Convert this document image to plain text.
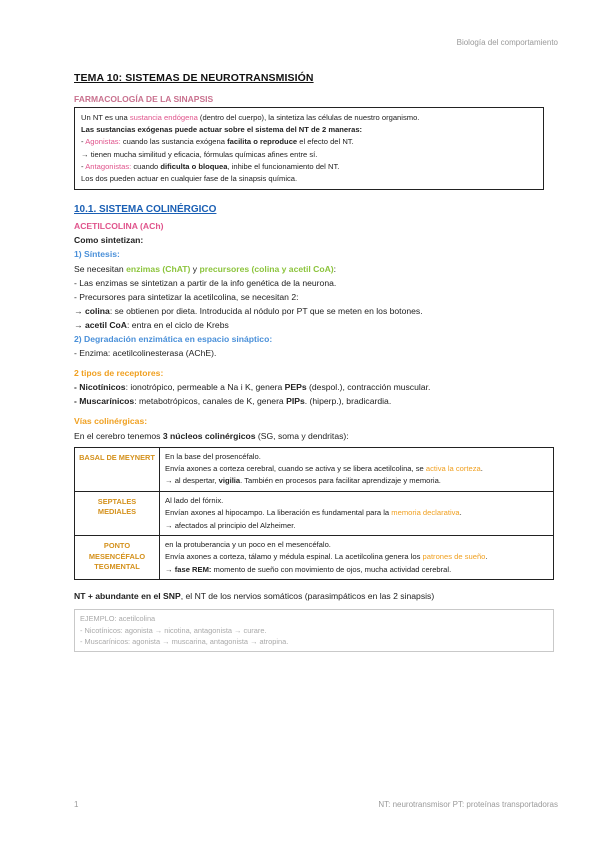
Biología del comportamiento
TEMA 10: SISTEMAS DE NEUROTRANSMISIÓN
FARMACOLOGÍA DE LA SINAPSIS
Un NT es una sustancia endógena (dentro del cuerpo), la sintetiza las células de nuestro organismo.
Las sustancias exógenas puede actuar sobre el sistema del NT de 2 maneras:
- Agonistas: cuando las sustancia exógena facilita o reproduce el efecto del NT.
→ tienen mucha similitud y eficacia, fórmulas químicas afines entre sí.
- Antagonistas: cuando dificulta o bloquea, inhibe el funcionamiento del NT.
Los dos pueden actuar en cualquier fase de la sinapsis química.
10.1. SISTEMA COLINÉRGICO
ACETILCOLINA (ACh)
Como sintetizan:
1) Síntesis:
Se necesitan enzimas (ChAT) y precursores (colina y acetil CoA):
- Las enzimas se sintetizan a partir de la info genética de la neurona.
- Precursores para sintetizar la acetilcolina, se necesitan 2:
→ colina: se obtienen por dieta. Introducida al nódulo por PT que se meten en los botones.
→ acetil CoA: entra en el ciclo de Krebs
2) Degradación enzimática en espacio sináptico:
- Enzima: acetilcolinesterasa (AChE).
2 tipos de receptores:
- Nicotínicos: ionotrópico, permeable a Na i K, genera PEPs (despol.), contracción muscular.
- Muscarínicos: metabotrópicos, canales de K, genera PIPs. (hiperp.), bradicardia.
Vías colinérgicas:
En el cerebro tenemos 3 núcleos colinérgicos (SG, soma y dendritas):
BASAL DE MEYNERT	En la base del prosencéfalo.
Envía axones a corteza cerebral, cuando se activa y se libera acetilcolina, se activa la corteza.
→ al despertar, vigilia. También en procesos para facilitar aprendizaje y memoria.

SEPTALES MEDIALES	Al lado del fórnix.
Envían axones al hipocampo. La liberación es fundamental para la memoria declarativa.
→ afectados al principio del Alzheimer.

PONTO MESENCÉFALO TEGMENTAL	en la protuberancia y un poco en el mesencéfalo.
Envía axones a corteza, tálamo y médula espinal. La acetilcolina genera los patrones de sueño.
→ fase REM: momento de sueño con movimiento de ojos, mucha actividad cerebral.
NT + abundante en el SNP, el NT de los nervios somáticos (parasimpáticos en las 2 sinapsis)
EJEMPLO: acetilcolina
- Nicotínicos: agonista → nicotina, antagonista → curare.
- Muscarínicos: agonista → muscarina, antagonista → atropina.
1	NT: neurotransmisor PT: proteínas transportadoras
